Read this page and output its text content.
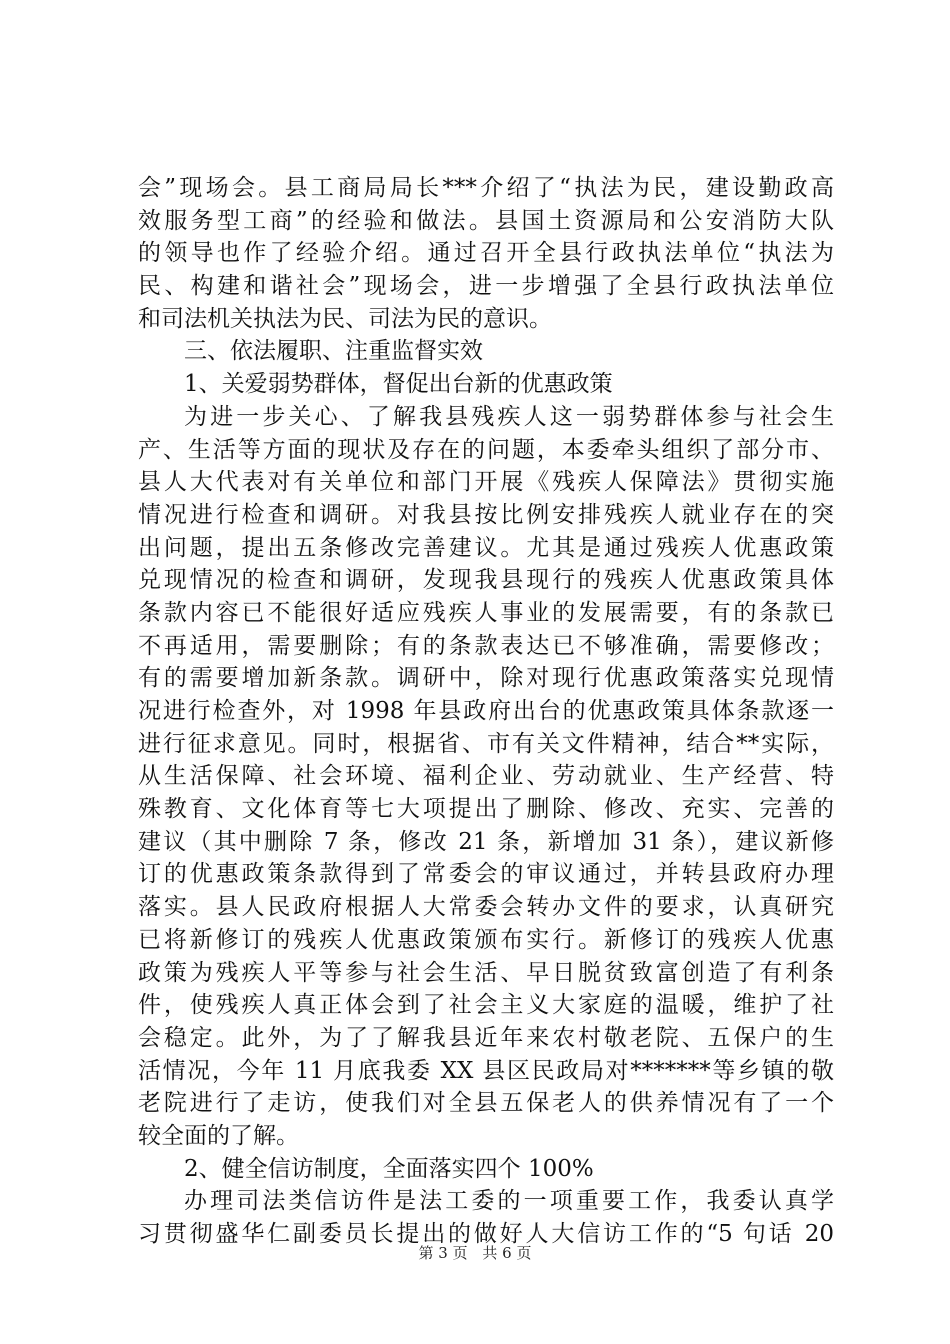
会”现场会。县工商局局长***介绍了“执法为民，建设勤政高
效服务型工商”的经验和做法。县国土资源局和公安消防大队
的领导也作了经验介绍。通过召开全县行政执法单位“执法为
民、构建和谐社会”现场会，进一步增强了全县行政执法单位
和司法机关执法为民、司法为民的意识。
三、依法履职、注重监督实效
1、关爱弱势群体，督促出台新的优惠政策
为进一步关心、了解我县残疾人这一弱势群体参与社会生
产、生活等方面的现状及存在的问题，本委牵头组织了部分市、
县人大代表对有关单位和部门开展《残疾人保障法》贯彻实施
情况进行检查和调研。对我县按比例安排残疾人就业存在的突
出问题，提出五条修改完善建议。尤其是通过残疾人优惠政策
兑现情况的检查和调研，发现我县现行的残疾人优惠政策具体
条款内容已不能很好适应残疾人事业的发展需要，有的条款已
不再适用，需要删除；有的条款表达已不够准确，需要修改；
有的需要增加新条款。调研中，除对现行优惠政策落实兑现情
况进行检查外，对 1998 年县政府出台的优惠政策具体条款逐一
进行征求意见。同时，根据省、市有关文件精神，结合**实际，
从生活保障、社会环境、福利企业、劳动就业、生产经营、特
殊教育、文化体育等七大项提出了删除、修改、充实、完善的
建议（其中删除 7 条，修改 21 条，新增加 31 条），建议新修
订的优惠政策条款得到了常委会的审议通过，并转县政府办理
落实。县人民政府根据人大常委会转办文件的要求，认真研究
已将新修订的残疾人优惠政策颁布实行。新修订的残疾人优惠
政策为残疾人平等参与社会生活、早日脱贫致富创造了有利条
件，使残疾人真正体会到了社会主义大家庭的温暖，维护了社
会稳定。此外，为了了解我县近年来农村敬老院、五保户的生
活情况，今年 11 月底我委 XX 县区民政局对*******等乡镇的敬
老院进行了走访，使我们对全县五保老人的供养情况有了一个
较全面的了解。
2、健全信访制度，全面落实四个 100%
办理司法类信访件是法工委的一项重要工作，我委认真学
习贯彻盛华仁副委员长提出的做好人大信访工作的“5 句话 20
第 3 页 共 6 页
